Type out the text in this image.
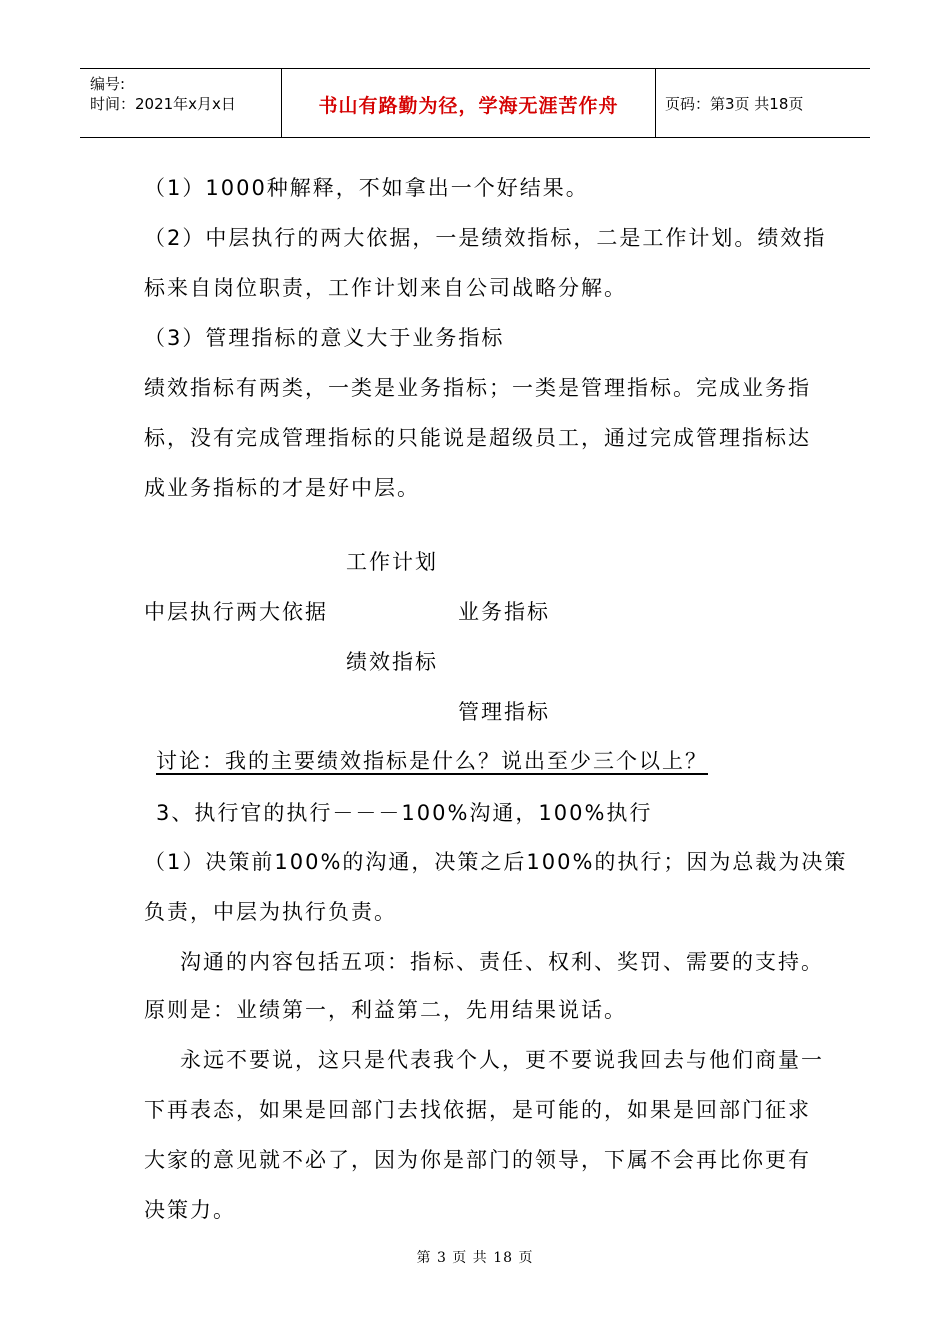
编号:
时间：2021年x月x日	书山有路勤为径，学海无涯苦作舟	页码：第3页 共18页
（1）1000种解释，不如拿出一个好结果。
（2）中层执行的两大依据，一是绩效指标，二是工作计划。绩效指
标来自岗位职责，工作计划来自公司战略分解。
（3）管理指标的意义大于业务指标
绩效指标有两类，一类是业务指标；一类是管理指标。完成业务指
标，没有完成管理指标的只能说是超级员工，通过完成管理指标达
成业务指标的才是好中层。
工作计划
中层执行两大依据	业务指标
绩效指标
管理指标
讨论：我的主要绩效指标是什么？说出至少三个以上？
3、执行官的执行－－－100%沟通，100%执行
（1）决策前100%的沟通，决策之后100%的执行；因为总裁为决策
负责，中层为执行负责。
沟通的内容包括五项：指标、责任、权利、奖罚、需要的支持。
原则是：业绩第一，利益第二，先用结果说话。
永远不要说，这只是代表我个人，更不要说我回去与他们商量一
下再表态，如果是回部门去找依据，是可能的，如果是回部门征求
大家的意见就不必了，因为你是部门的领导，下属不会再比你更有
决策力。
第 3 页 共 18 页
